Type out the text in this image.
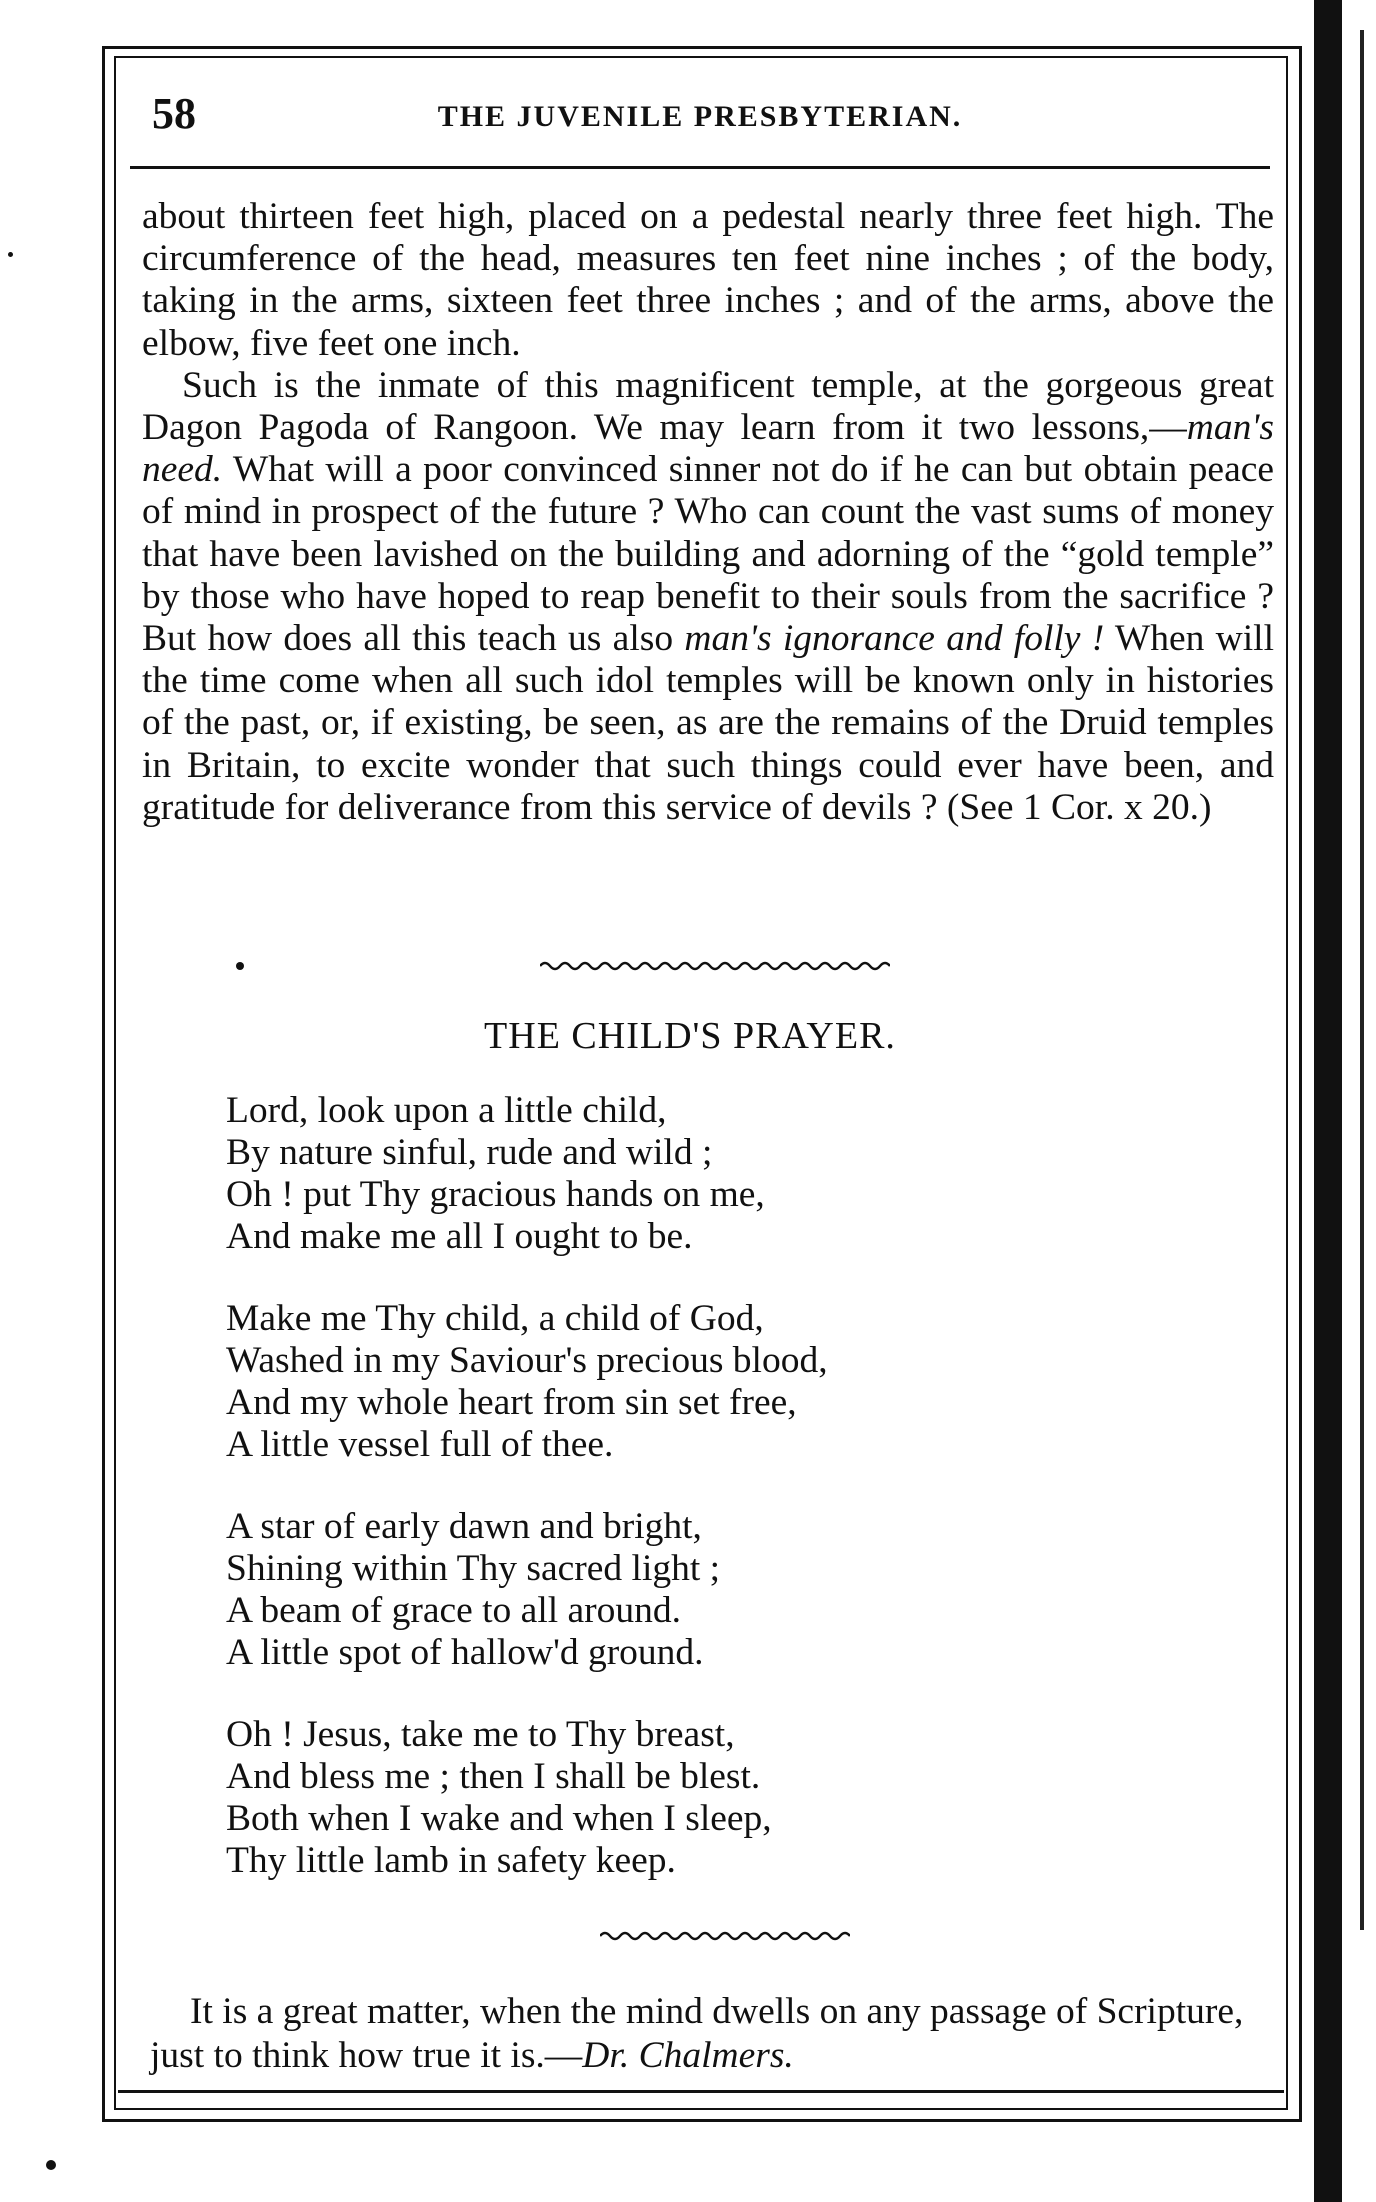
58	THE JUVENILE PRESBYTERIAN.

about thirteen feet high, placed on a pedestal nearly three feet high. The circumference of the head, measures ten feet nine inches ; of the body, taking in the arms, sixteen feet three inches ; and of the arms, above the elbow, five feet one inch.

Such is the inmate of this magnificent temple, at the gorgeous great Dagon Pagoda of Rangoon. We may learn from it two lessons,—man's need. What will a poor convinced sinner not do if he can but obtain peace of mind in prospect of the future ? Who can count the vast sums of money that have been lavished on the building and adorning of the “gold temple” by those who have hoped to reap benefit to their souls from the sacrifice ? But how does all this teach us also man's ignorance and folly ! When will the time come when all such idol temples will be known only in histories of the past, or, if existing, be seen, as are the remains of the Druid temples in Britain, to excite wonder that such things could ever have been, and gratitude for deliverance from this service of devils ? (See 1 Cor. x 20.)

THE CHILD'S PRAYER.
Lord, look upon a little child,
By nature sinful, rude and wild ;
Oh ! put Thy gracious hands on me,
And make me all I ought to be.
Make me Thy child, a child of God,
Washed in my Saviour's precious blood,
And my whole heart from sin set free,
A little vessel full of thee.
A star of early dawn and bright,
Shining within Thy sacred light ;
A beam of grace to all around.
A little spot of hallow'd ground.
Oh ! Jesus, take me to Thy breast,
And bless me ; then I shall be blest.
Both when I wake and when I sleep,
Thy little lamb in safety keep.
It is a great matter, when the mind dwells on any passage of Scripture, just to think how true it is.—Dr. Chalmers.
